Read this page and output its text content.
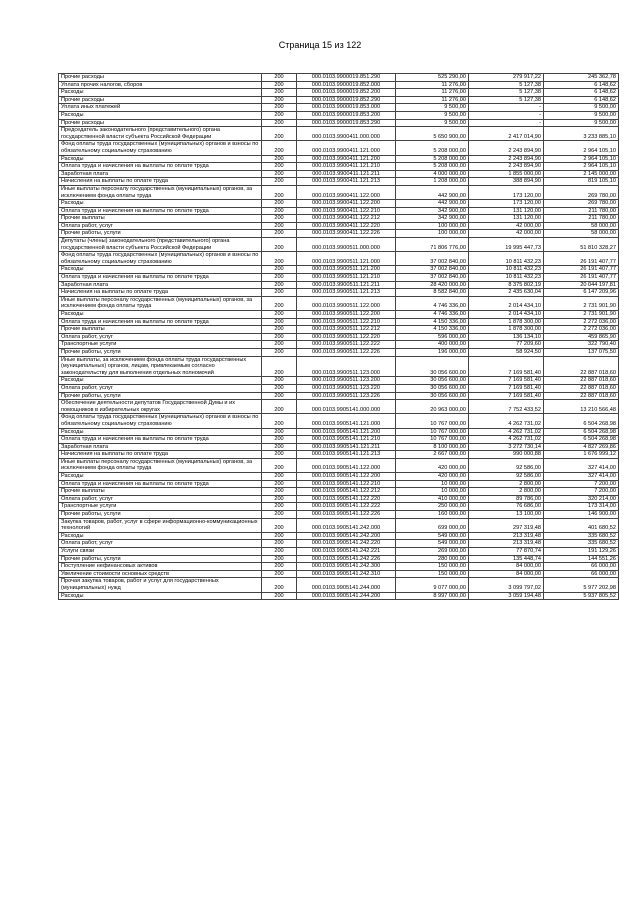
Страница 15 из 122
Прочие расходы	200	000.0103.9900019.851.290	525 290,00	279 917,22	245 362,78
Уплата прочих налогов, сборов	200	000.0103.9900019.852.000	11 276,00	5 127,38	6 148,62
Расходы	200	000.0103.9900019.852.200	11 276,00	5 127,38	6 148,62
Прочие расходы	200	000.0103.9900019.852.290	11 276,00	5 127,38	6 148,62
Уплата иных платежей	200	000.0103.9900019.853.000	9 500,00	-	9 500,00
Расходы	200	000.0103.9900019.853.200	9 500,00	-	9 500,00
Прочие расходы	200	000.0103.9900019.853.290	9 500,00	-	9 500,00
Председатель законодательного (представительного) органа государственной власти субъекта Российской Федерации	200	000.0103.9900411.000.000	5 650 900,00	2 417 014,90	3 233 885,10
Фонд оплаты труда государственных (муниципальных) органов и взносы по обязательному социальному страхованию	200	000.0103.9900411.121.000	5 208 000,00	2 243 894,90	2 964 105,10
Расходы	200	000.0103.9900411.121.200	5 208 000,00	2 243 894,90	2 964 105,10
Оплата труда и начисления на выплаты по оплате труда	200	000.0103.9900411.121.210	5 208 000,00	2 243 894,90	2 964 105,10
Заработная плата	200	000.0103.9900411.121.211	4 000 000,00	1 855 000,00	2 145 000,00
Начисления на выплаты по оплате труда	200	000.0103.9900411.121.213	1 208 000,00	388 894,90	819 105,10
Иные выплаты персоналу государственных (муниципальных) органов, за исключением фонда оплаты труда	200	000.0103.9900411.122.000	442 900,00	173 120,00	269 780,00
Расходы	200	000.0103.9900411.122.200	442 900,00	173 120,00	269 780,00
Оплата труда и начисления на выплаты по оплате труда	200	000.0103.9900411.122.210	342 900,00	131 120,00	211 780,00
Прочие выплаты	200	000.0103.9900411.122.212	342 900,00	131 120,00	211 780,00
Оплата работ, услуг	200	000.0103.9900411.122.220	100 000,00	42 000,00	58 000,00
Прочие работы, услуги	200	000.0103.9900411.122.226	100 000,00	42 000,00	58 000,00
Депутаты (члены) законодательного (представительного) органа государственной власти субъекта Российской Федерации	200	000.0103.9900511.000.000	71 806 776,00	19 995 447,73	51 810 328,27
Фонд оплаты труда государственных (муниципальных) органов и взносы по обязательному социальному страхованию	200	000.0103.9900511.121.000	37 002 840,00	10 811 432,23	26 191 407,77
Расходы	200	000.0103.9900511.121.200	37 002 840,00	10 811 432,23	26 191 407,77
Оплата труда и начисления на выплаты по оплате труда	200	000.0103.9900511.121.210	37 002 840,00	10 811 432,23	26 191 407,77
Заработная плата	200	000.0103.9900511.121.211	28 420 000,00	8 375 802,19	20 044 197,81
Начисления на выплаты по оплате труда	200	000.0103.9900511.121.213	8 582 840,00	2 435 630,04	6 147 209,96
Иные выплаты персоналу государственных (муниципальных) органов, за исключением фонда оплаты труда	200	000.0103.9900511.122.000	4 746 336,00	2 014 434,10	2 731 901,90
Расходы	200	000.0103.9900511.122.200	4 746 336,00	2 014 434,10	2 731 901,90
Оплата труда и начисления на выплаты по оплате труда	200	000.0103.9900511.122.210	4 150 336,00	1 878 300,00	2 272 036,00
Прочие выплаты	200	000.0103.9900511.122.212	4 150 336,00	1 878 300,00	2 272 036,00
Оплата работ, услуг	200	000.0103.9900511.122.220	596 000,00	136 134,10	459 865,90
Транспортные услуги	200	000.0103.9900511.122.222	400 000,00	77 209,60	322 790,40
Прочие работы, услуги	200	000.0103.9900511.122.226	196 000,00	58 924,50	137 075,50
Иные выплаты, за исключением фонда оплаты труда государственных (муниципальных) органов, лицам, привлекаемым согласно законодательству для выполнения отдельных полномочий	200	000.0103.9900511.123.000	30 056 600,00	7 169 581,40	22 887 018,60
Расходы	200	000.0103.9900511.123.200	30 056 600,00	7 169 581,40	22 887 018,60
Оплата работ, услуг	200	000.0103.9900511.123.220	30 056 600,00	7 169 581,40	22 887 018,60
Прочие работы, услуги	200	000.0103.9900511.123.226	30 056 600,00	7 169 581,40	22 887 018,60
Обеспечение деятельности депутатов Государственной Думы и их помощников в избирательных округах	200	000.0103.9905141.000.000	20 963 000,00	7 752 433,52	13 210 566,48
Фонд оплаты труда государственных (муниципальных) органов и взносы по обязательному социальному страхованию	200	000.0103.9905141.121.000	10 767 000,00	4 262 731,02	6 504 268,98
Расходы	200	000.0103.9905141.121.200	10 767 000,00	4 262 731,02	6 504 268,98
Оплата труда и начисления на выплаты по оплате труда	200	000.0103.9905141.121.210	10 767 000,00	4 262 731,02	6 504 268,98
Заработная плата	200	000.0103.9905141.121.211	8 100 000,00	3 272 730,14	4 827 269,86
Начисления на выплаты по оплате труда	200	000.0103.9905141.121.213	2 667 000,00	990 000,88	1 676 999,12
Иные выплаты персоналу государственных (муниципальных) органов, за исключением фонда оплаты труда	200	000.0103.9905141.122.000	420 000,00	92 586,00	327 414,00
Расходы	200	000.0103.9905141.122.200	420 000,00	92 586,00	327 414,00
Оплата труда и начисления на выплаты по оплате труда	200	000.0103.9905141.122.210	10 000,00	2 800,00	7 200,00
Прочие выплаты	200	000.0103.9905141.122.212	10 000,00	2 800,00	7 200,00
Оплата работ, услуг	200	000.0103.9905141.122.220	410 000,00	89 786,00	320 214,00
Транспортные услуги	200	000.0103.9905141.122.222	250 000,00	76 686,00	173 314,00
Прочие работы, услуги	200	000.0103.9905141.122.226	160 000,00	13 100,00	146 900,00
Закупка товаров, работ, услуг в сфере информационно-коммуникационных технологий	200	000.0103.9905141.242.000	699 000,00	297 319,48	401 680,52
Расходы	200	000.0103.9905141.242.200	549 000,00	213 319,48	335 680,52
Оплата работ, услуг	200	000.0103.9905141.242.220	549 000,00	213 319,48	335 680,52
Услуги связи	200	000.0103.9905141.242.221	269 000,00	77 870,74	191 129,26
Прочие работы, услуги	200	000.0103.9905141.242.226	280 000,00	135 448,74	144 551,26
Поступление нефинансовых активов	200	000.0103.9905141.242.300	150 000,00	84 000,00	66 000,00
Увеличение стоимости основных средств	200	000.0103.9905141.242.310	150 000,00	84 000,00	66 000,00
Прочая закупка товаров, работ и услуг для государственных (муниципальных) нужд	200	000.0103.9905141.244.000	9 077 000,00	3 099 797,02	5 977 202,98
Расходы	200	000.0103.9905141.244.200	8 997 000,00	3 059 194,48	5 937 805,52
